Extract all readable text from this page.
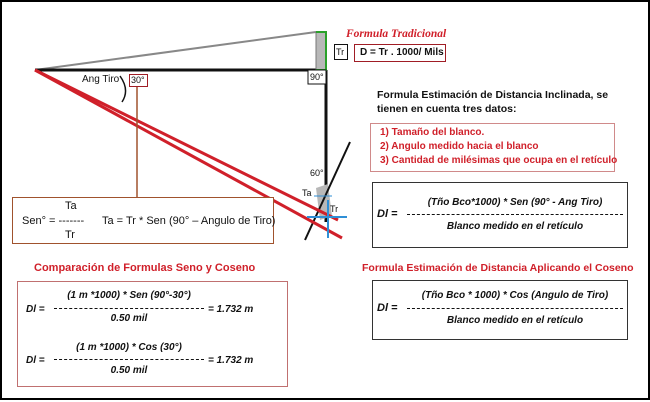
Formula Tradicional
D = Tr . 1000/ Mils
Tr
Ang Tiro 30°	90°
60°
Ta
Tr
Formula Estimación de Distancia Inclinada, se tienen en cuenta tres datos:
1) Tamaño del blanco.
2) Angulo medido hacia el blanco
3) Cantidad de milésimas que ocupa en el retículo
Dl =
(Tño Bco*1000) * Sen (90° - Ang Tiro)
Blanco medido en el retículo
Ta
Sen° = ------- Ta = Tr * Sen (90° – Angulo de Tiro)
Tr
Comparación de Formulas Seno y Coseno
Dl =
(1 m *1000) * Sen (90°-30°)
= 1.732 m
0.50 mil
Dl =
(1 m *1000) * Cos (30°)
= 1.732 m
0.50 mil
Formula Estimación de Distancia Aplicando el Coseno
Dl =
(Tño Bco * 1000) * Cos (Angulo de Tiro)
Blanco medido en el retículo
